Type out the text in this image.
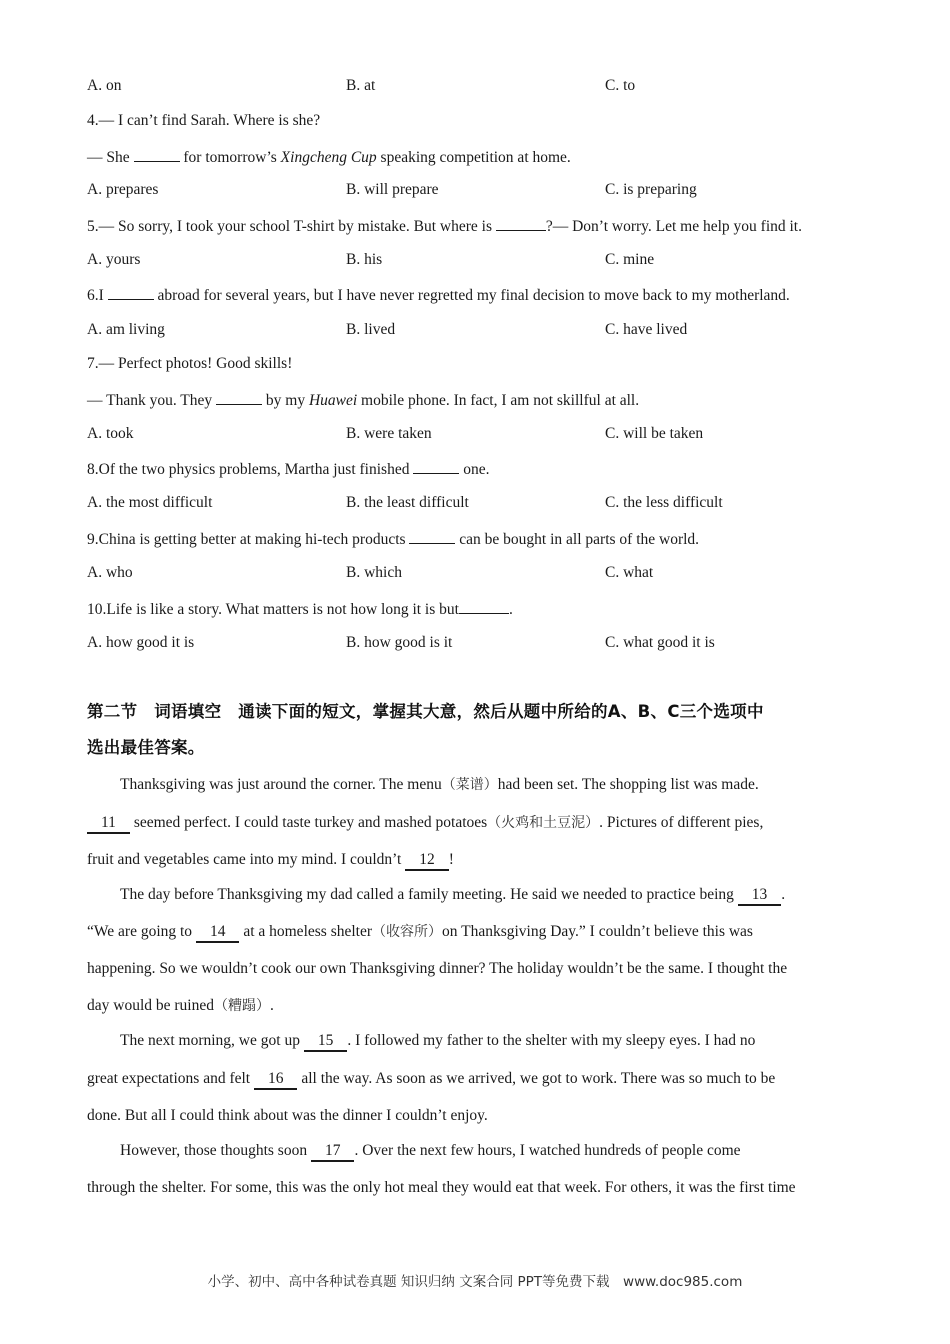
A. on	B. at	C. to
4.— I can’t find Sarah. Where is she?
— She	for tomorrow’s Xingcheng Cup speaking competition at home.
A. prepares	B. will prepare	C. is preparing
5.— So sorry, I took your school T-shirt by mistake. But where is	?— Don’t worry. Let me help you find it.
A. yours	B. his	C. mine
6.I	abroad for several years, but I have never regretted my final decision to move back to my motherland.
A. am living	B. lived	C. have lived
7.— Perfect photos! Good skills!
— Thank you. They	by my Huawei mobile phone. In fact, I am not skillful at all.
A. took	B. were taken	C. will be taken
8.Of the two physics problems, Martha just finished	one.
A. the most difficult	B. the least difficult	C. the less difficult
9.China is getting better at making hi-tech products	can be bought in all parts of the world.
A. who	B. which	C. what
10.Life is like a story. What matters is not how long it is but	.
A. how good it is	B. how good is it	C. what good it is
第二节　词语填空　通读下面的短文，掌握其大意，然后从题中所给的A、B、C三个选项中
选出最佳答案。
Thanksgiving was just around the corner. The menu（菜谱）had been set. The shopping list was made.
11 seemed perfect. I could taste turkey and mashed potatoes（火鸡和土豆泥）. Pictures of different pies,
fruit and vegetables came into my mind. I couldn’t 12 !
The day before Thanksgiving my dad called a family meeting. He said we needed to practice being 13 .
“We are going to 14 at a homeless shelter（收容所）on Thanksgiving Day.” I couldn’t believe this was
happening. So we wouldn’t cook our own Thanksgiving dinner? The holiday wouldn’t be the same. I thought the
day would be ruined（糟蹋）.
The next morning, we got up 15 . I followed my father to the shelter with my sleepy eyes. I had no
great expectations and felt 16 all the way. As soon as we arrived, we got to work. There was so much to be
done. But all I could think about was the dinner I couldn’t enjoy.
However, those thoughts soon 17 . Over the next few hours, I watched hundreds of people come
through the shelter. For some, this was the only hot meal they would eat that week. For others, it was the first time
小学、初中、高中各种试卷真题 知识归纳 文案合同 PPT等免费下载　www.doc985.com
